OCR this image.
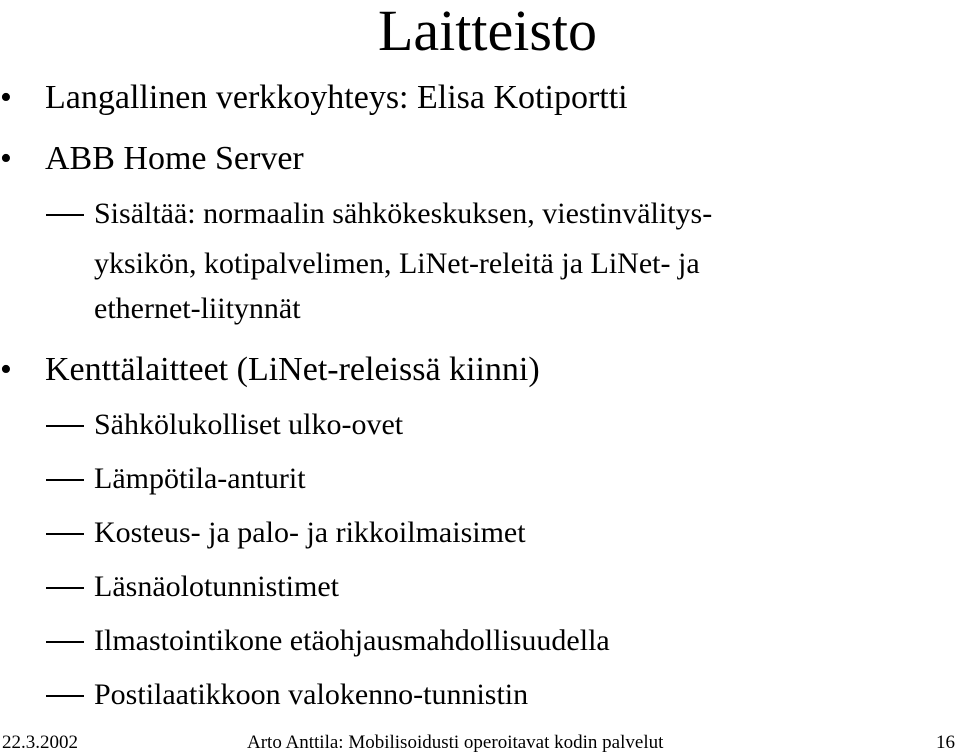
Laitteisto
• Langallinen verkkoyhteys: Elisa Kotiportti
• ABB Home Server
Sisältää: normaalin sähkökeskuksen, viestinvälitys-
yksikön, kotipalvelimen, LiNet-releitä ja LiNet- ja
ethernet-liitynnät
• Kenttälaitteet (LiNet-releissä kiinni)
Sähkölukolliset ulko-ovet
Lämpötila-anturit
Kosteus- ja palo- ja rikkoilmaisimet
Läsnäolotunnistimet
Ilmastointikone etäohjausmahdollisuudella
Postilaatikkoon valokenno-tunnistin
22.3.2002	Arto Anttila: Mobilisoidusti operoitavat kodin palvelut	16
